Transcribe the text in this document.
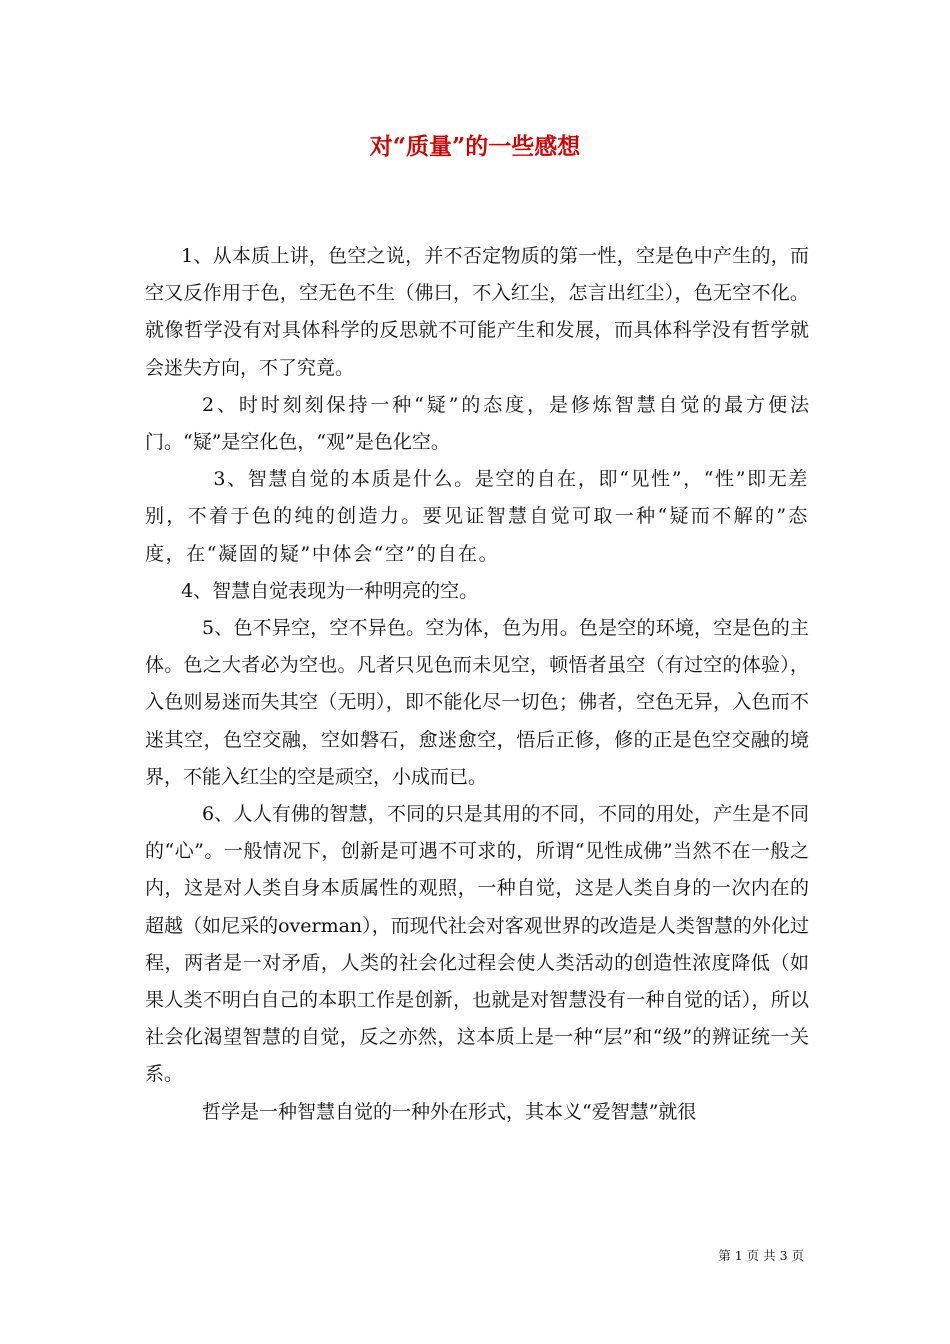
对“质量”的一些感想

1、从本质上讲，色空之说，并不否定物质的第一性，空是色中产生的，而空又反作用于色，空无色不生（佛曰，不入红尘，怎言出红尘），色无空不化。就像哲学没有对具体科学的反思就不可能产生和发展，而具体科学没有哲学就会迷失方向，不了究竟。

2、时时刻刻保持一种“疑”的态度，是修炼智慧自觉的最方便法门。“疑”是空化色，“观”是色化空。

3、智慧自觉的本质是什么。是空的自在，即“见性”，“性”即无差别，不着于色的纯的创造力。要见证智慧自觉可取一种“疑而不解的”态度，在“凝固的疑”中体会“空”的自在。

4、智慧自觉表现为一种明亮的空。

5、色不异空，空不异色。空为体，色为用。色是空的环境，空是色的主体。色之大者必为空也。凡者只见色而未见空，顿悟者虽空（有过空的体验），入色则易迷而失其空（无明），即不能化尽一切色；佛者，空色无异，入色而不迷其空，色空交融，空如磐石，愈迷愈空，悟后正修，修的正是色空交融的境界，不能入红尘的空是顽空，小成而已。

6、人人有佛的智慧，不同的只是其用的不同，不同的用处，产生是不同的“心”。一般情况下，创新是可遇不可求的，所谓“见性成佛”当然不在一般之内，这是对人类自身本质属性的观照，一种自觉，这是人类自身的一次内在的超越（如尼采的overman），而现代社会对客观世界的改造是人类智慧的外化过程，两者是一对矛盾，人类的社会化过程会使人类活动的创造性浓度降低（如果人类不明白自己的本职工作是创新，也就是对智慧没有一种自觉的话），所以社会化渴望智慧的自觉，反之亦然，这本质上是一种“层”和“级”的辨证统一关系。

哲学是一种智慧自觉的一种外在形式，其本义“爱智慧”就很

第 1 页 共 3 页
